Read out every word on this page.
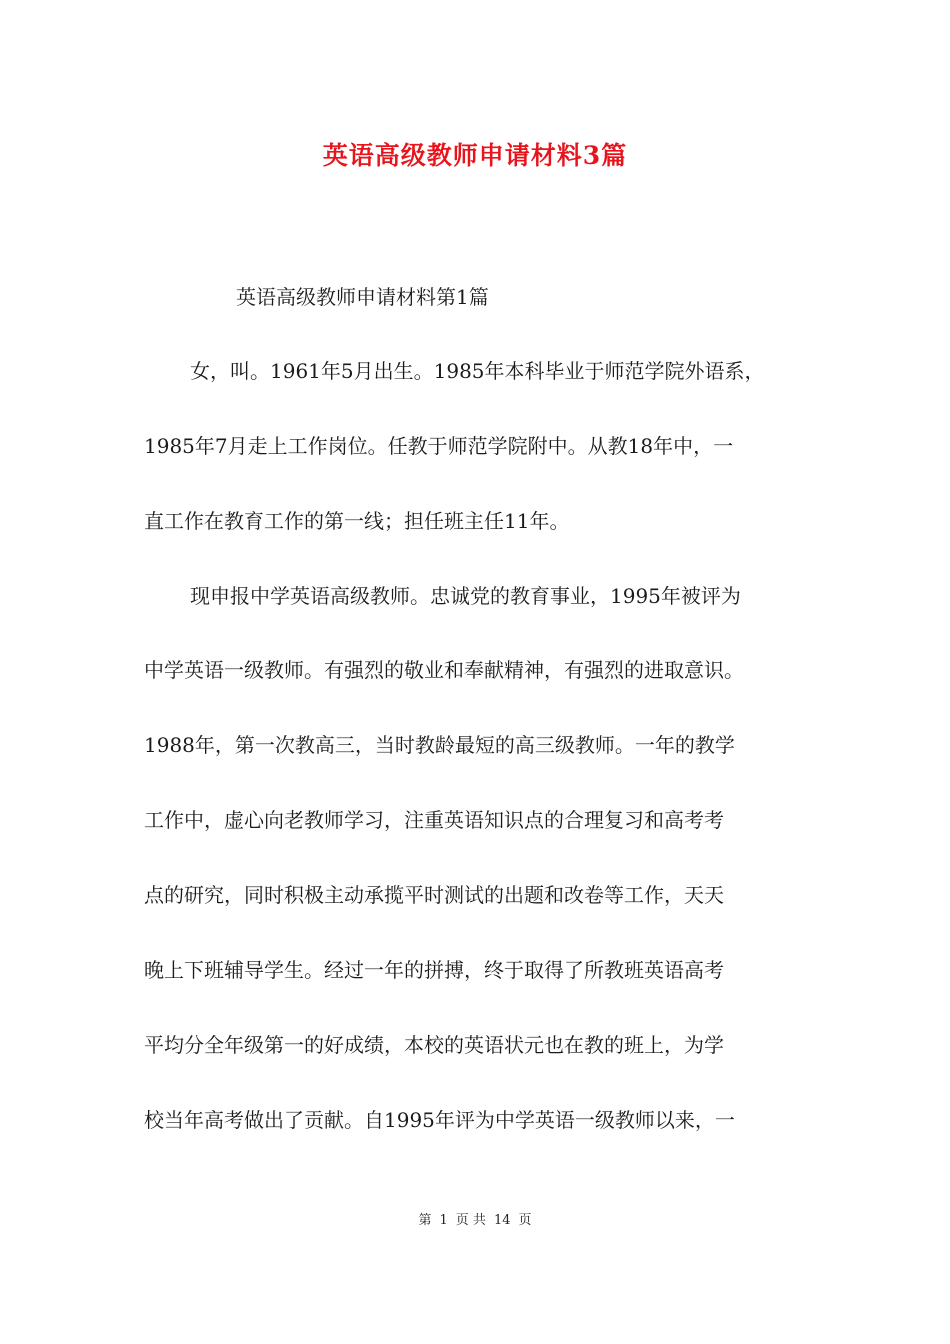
英语高级教师申请材料3篇

英语高级教师申请材料第1篇

女，叫。1961年5月出生。1985年本科毕业于师范学院外语系，

1985年7月走上工作岗位。任教于师范学院附中。从教18年中，一

直工作在教育工作的第一线；担任班主任11年。

现申报中学英语高级教师。忠诚党的教育事业，1995年被评为

中学英语一级教师。有强烈的敬业和奉献精神，有强烈的进取意识。

1988年，第一次教高三，当时教龄最短的高三级教师。一年的教学

工作中，虚心向老教师学习，注重英语知识点的合理复习和高考考

点的研究，同时积极主动承揽平时测试的出题和改卷等工作，天天

晚上下班辅导学生。经过一年的拼搏，终于取得了所教班英语高考

平均分全年级第一的好成绩，本校的英语状元也在教的班上，为学

校当年高考做出了贡献。自1995年评为中学英语一级教师以来，一

第 1 页 共 14 页
